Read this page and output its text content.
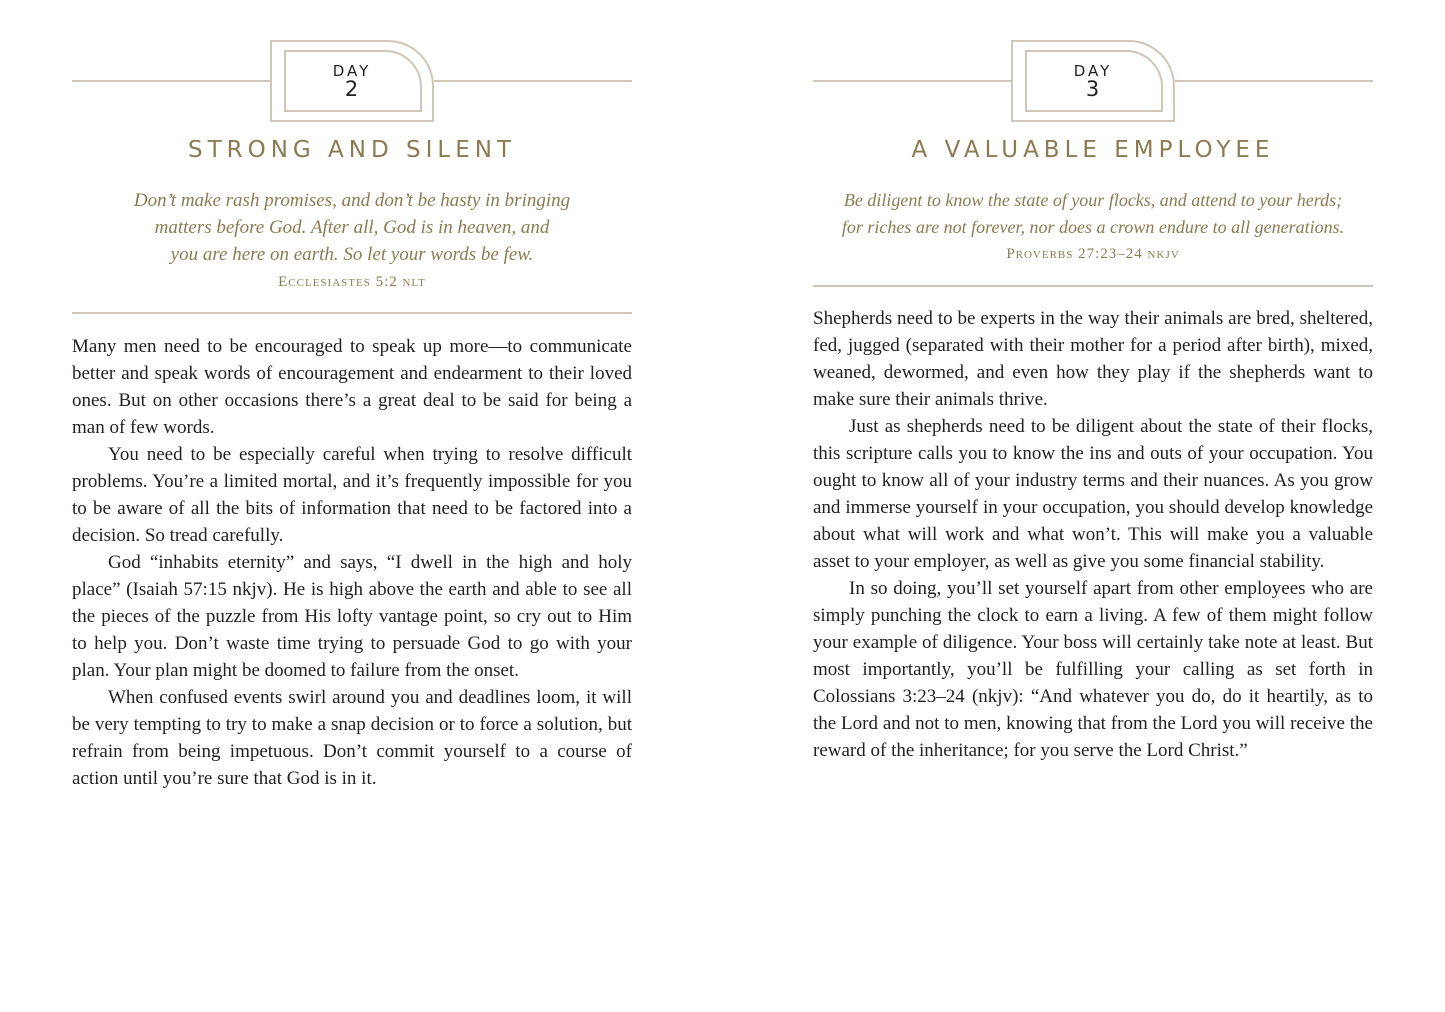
DAY
2
STRONG AND SILENT
Don’t make rash promises, and don’t be hasty in bringing
matters before God. After all, God is in heaven, and
you are here on earth. So let your words be few.
Ecclesiastes 5:2 nlt

Many men need to be encouraged to speak up more—to communicate better and speak words of encouragement and endearment to their loved ones. But on other occasions there’s a great deal to be said for being a man of few words.

You need to be especially careful when trying to resolve difficult problems. You’re a limited mortal, and it’s frequently impossible for you to be aware of all the bits of information that need to be factored into a decision. So tread carefully.

God “inhabits eternity” and says, “I dwell in the high and holy place” (Isaiah 57:15 nkjv). He is high above the earth and able to see all the pieces of the puzzle from His lofty vantage point, so cry out to Him to help you. Don’t waste time trying to persuade God to go with your plan. Your plan might be doomed to failure from the onset.

When confused events swirl around you and deadlines loom, it will be very tempting to try to make a snap decision or to force a solution, but refrain from being impetuous. Don’t commit yourself to a course of action until you’re sure that God is in it.

DAY
3
A VALUABLE EMPLOYEE
Be diligent to know the state of your flocks, and attend to your herds;
for riches are not forever, nor does a crown endure to all generations.
Proverbs 27:23–24 nkjv

Shepherds need to be experts in the way their animals are bred, sheltered, fed, jugged (separated with their mother for a period after birth), mixed, weaned, dewormed, and even how they play if the shepherds want to make sure their animals thrive.

Just as shepherds need to be diligent about the state of their flocks, this scripture calls you to know the ins and outs of your occupation. You ought to know all of your industry terms and their nuances. As you grow and immerse yourself in your occupation, you should develop knowledge about what will work and what won’t. This will make you a valuable asset to your employer, as well as give you some financial stability.

In so doing, you’ll set yourself apart from other employees who are simply punching the clock to earn a living. A few of them might follow your example of diligence. Your boss will certainly take note at least. But most importantly, you’ll be fulfilling your calling as set forth in Colossians 3:23–24 (nkjv): “And whatever you do, do it heartily, as to the Lord and not to men, knowing that from the Lord you will receive the reward of the inheritance; for you serve the Lord Christ.”
